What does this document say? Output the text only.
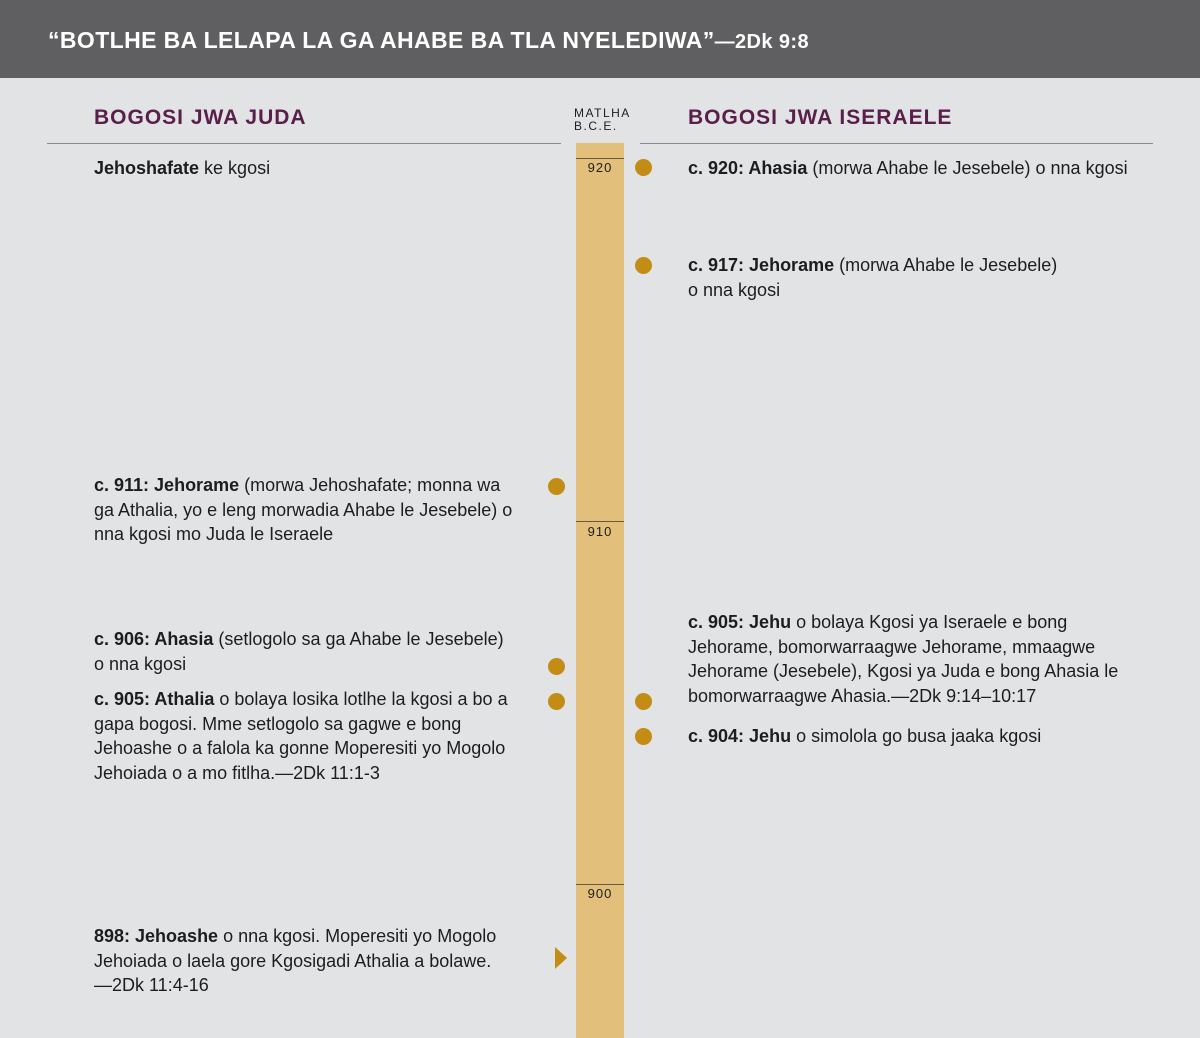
“BOTLHE BA LELAPA LA GA AHABE BA TLA NYELEDIWA”—2Dk 9:8
BOGOSI JWA JUDA	BOGOSI JWA ISERAELE
MATLHA
B.C.E.
920
910
900
Jehoshafate ke kgosi
c. 911: Jehorame (morwa Jehoshafate; monna wa ga Athalia, yo e leng morwadia Ahabe le Jesebele) o nna kgosi mo Juda le Iseraele
c. 906: Ahasia (setlogolo sa ga Ahabe le Jesebele) o nna kgosi
c. 905: Athalia o bolaya losika lotlhe la kgosi a bo a gapa bogosi. Mme setlogolo sa gagwe e bong Jehoashe o a falola ka gonne Moperesiti yo Mogolo Jehoiada o a mo fitlha.—2Dk 11:1-3
898: Jehoashe o nna kgosi. Moperesiti yo Mogolo Jehoiada o laela gore Kgosigadi Athalia a bolawe.—2Dk 11:4-16
c. 920: Ahasia (morwa Ahabe le Jesebele) o nna kgosi
c. 917: Jehorame (morwa Ahabe le Jesebele) o nna kgosi
c. 905: Jehu o bolaya Kgosi ya Iseraele e bong Jehorame, bomorwarraagwe Jehorame, mmaagwe Jehorame (Jesebele), Kgosi ya Juda e bong Ahasia le bomorwarraagwe Ahasia.—2Dk 9:14–10:17
c. 904: Jehu o simolola go busa jaaka kgosi
